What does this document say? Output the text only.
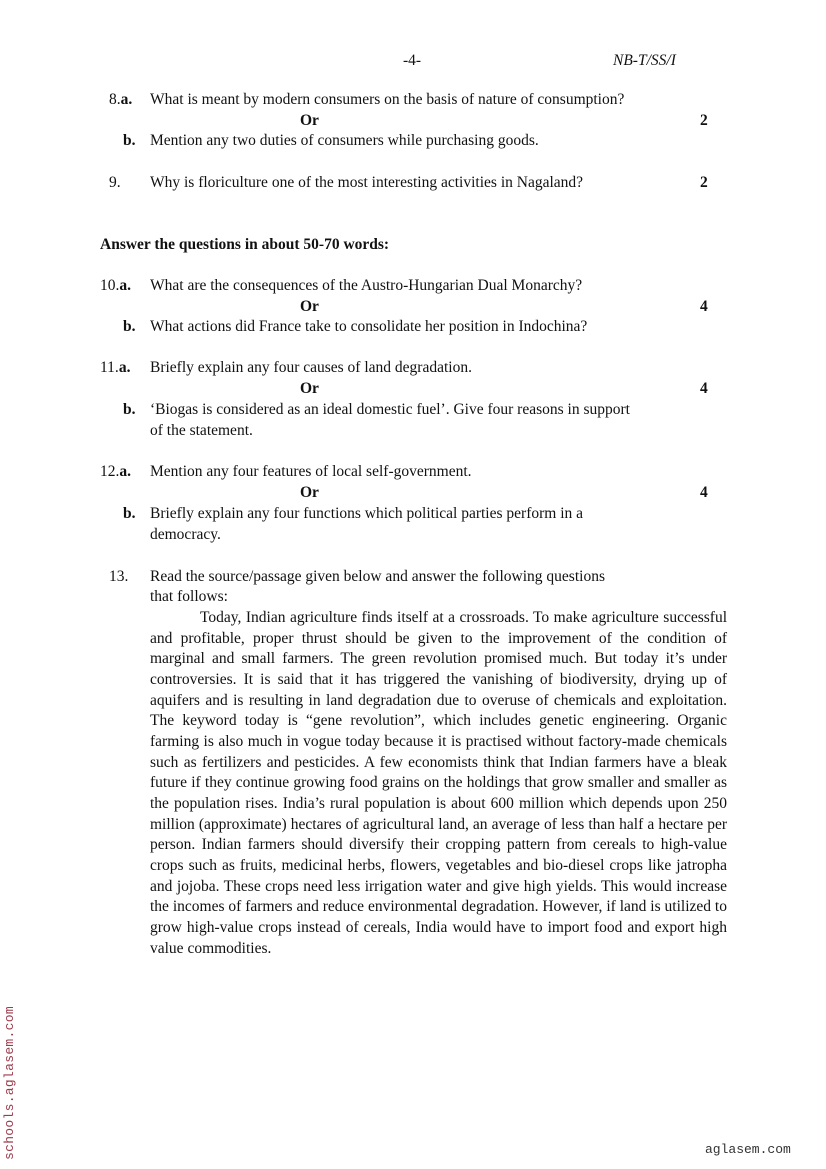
-4-	NB-T/SS/I
8.a. What is meant by modern consumers on the basis of nature of consumption?
Or	2
b. Mention any two duties of consumers while purchasing goods.
9. Why is floriculture one of the most interesting activities in Nagaland?	2
Answer the questions in about 50-70 words:
10.a. What are the consequences of the Austro-Hungarian Dual Monarchy?
Or	4
b. What actions did France take to consolidate her position in Indochina?
11.a. Briefly explain any four causes of land degradation.
Or	4
b. ‘Biogas is considered as an ideal domestic fuel’. Give four reasons in support
of the statement.
12.a. Mention any four features of local self-government.
Or	4
b. Briefly explain any four functions which political parties perform in a
democracy.
13. Read the source/passage given below and answer the following questions
that follows:
Today, Indian agriculture finds itself at a crossroads. To make agriculture successful and profitable, proper thrust should be given to the improvement of the condition of marginal and small farmers. The green revolution promised much. But today it’s under controversies. It is said that it has triggered the vanishing of biodiversity, drying up of aquifers and is resulting in land degradation due to overuse of chemicals and exploitation. The keyword today is “gene revolution”, which includes genetic engineering. Organic farming is also much in vogue today because it is practised without factory-made chemicals such as fertilizers and pesticides. A few economists think that Indian farmers have a bleak future if they continue growing food grains on the holdings that grow smaller and smaller as the population rises. India’s rural population is about 600 million which depends upon 250 million (approximate) hectares of agricultural land, an average of less than half a hectare per person. Indian farmers should diversify their cropping pattern from cereals to high-value crops such as fruits, medicinal herbs, flowers, vegetables and bio-diesel crops like jatropha and jojoba. These crops need less irrigation water and give high yields. This would increase the incomes of farmers and reduce environmental degradation. However, if land is utilized to grow high-value crops instead of cereals, India would have to import food and export high value commodities.
schools.aglasem.com	aglasem.com
